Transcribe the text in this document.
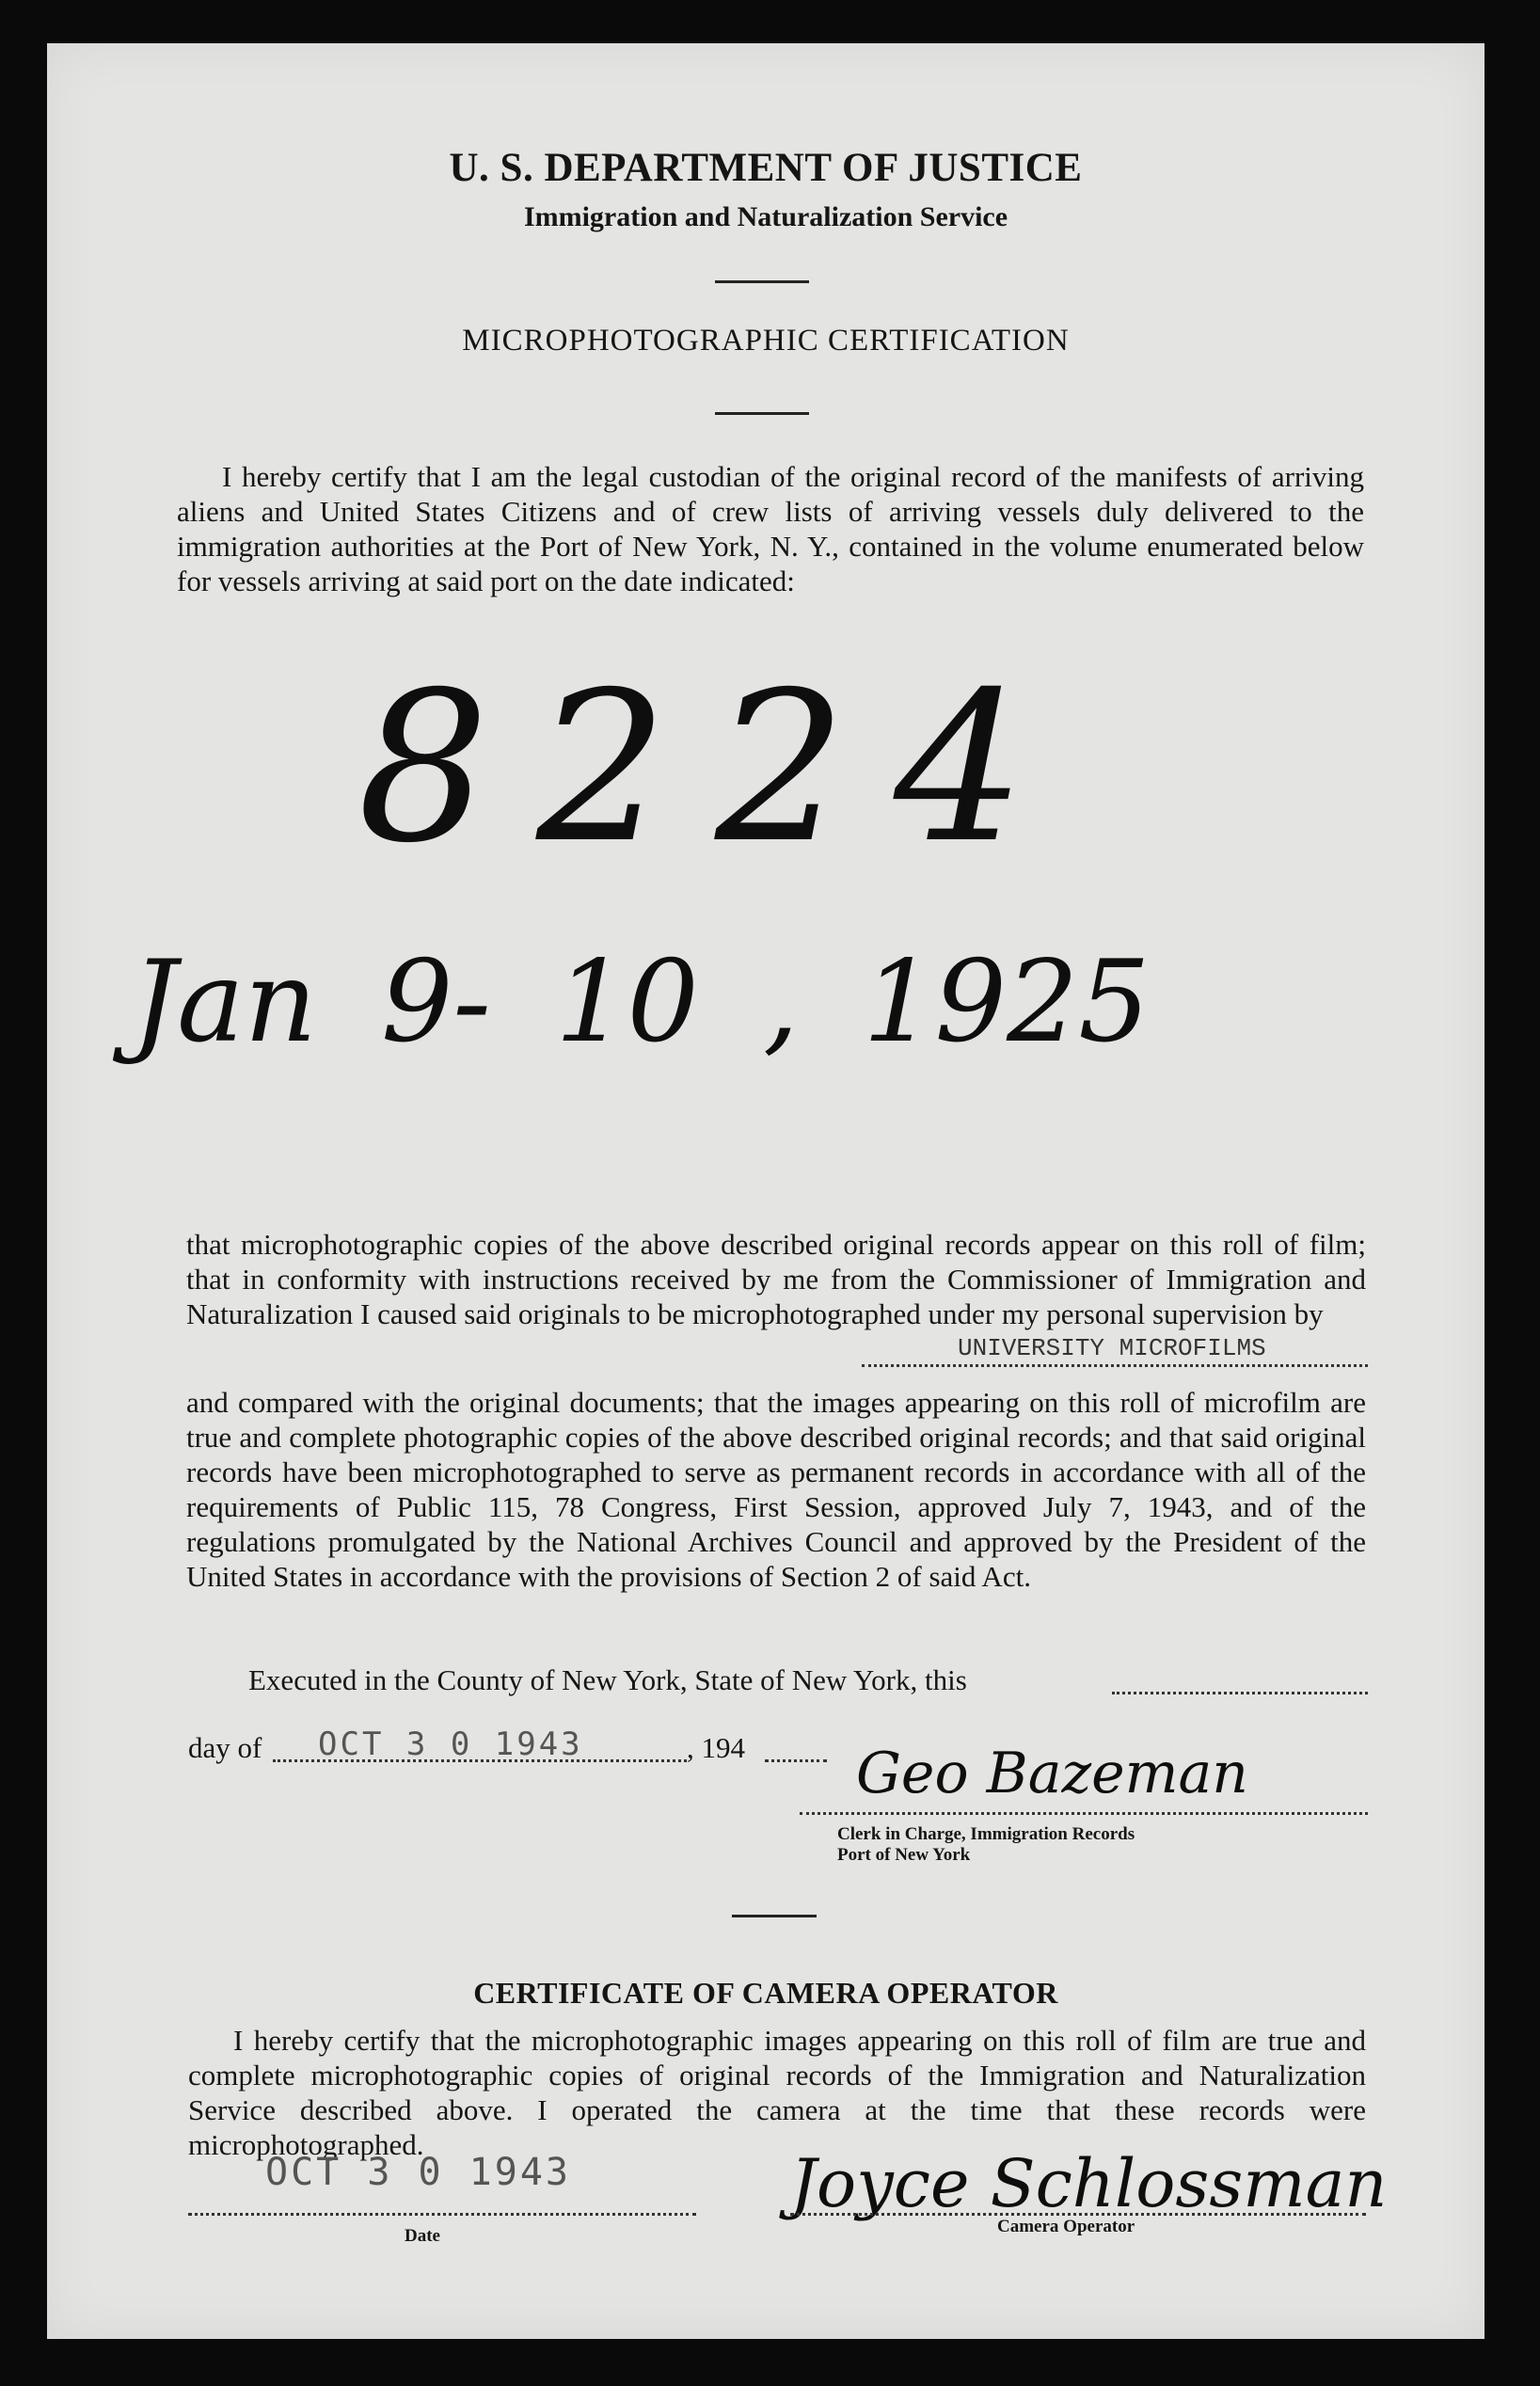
U. S. DEPARTMENT OF JUSTICE
Immigration and Naturalization Service
MICROPHOTOGRAPHIC CERTIFICATION
I hereby certify that I am the legal custodian of the original record of the manifests of arriving aliens and United States Citizens and of crew lists of arriving vessels duly delivered to the immigration authorities at the Port of New York, N. Y., contained in the volume enumerated below for vessels arriving at said port on the date indicated:
8224
Jan 9- 10 , 1925
that microphotographic copies of the above described original records appear on this roll of film; that in conformity with instructions received by me from the Commissioner of Immigration and Naturalization I caused said originals to be microphotographed under my personal supervision by
UNIVERSITY MICROFILMS
and compared with the original documents; that the images appearing on this roll of microfilm are true and complete photographic copies of the above described original records; and that said original records have been microphotographed to serve as permanent records in accordance with all of the requirements of Public 115, 78 Congress, First Session, approved July 7, 1943, and of the regulations promulgated by the National Archives Council and approved by the President of the United States in accordance with the provisions of Section 2 of said Act.
Executed in the County of New York, State of New York, this
day of OCT 3 0 1943	, 194 Geo Bazeman
Clerk in Charge, Immigration Records
Port of New York
CERTIFICATE OF CAMERA OPERATOR
I hereby certify that the microphotographic images appearing on this roll of film are true and complete microphotographic copies of original records of the Immigration and Naturalization Service described above. I operated the camera at the time that these records were microphotographed.
OCT 3 0 1943
Date
Joyce Schlossman
Camera Operator
